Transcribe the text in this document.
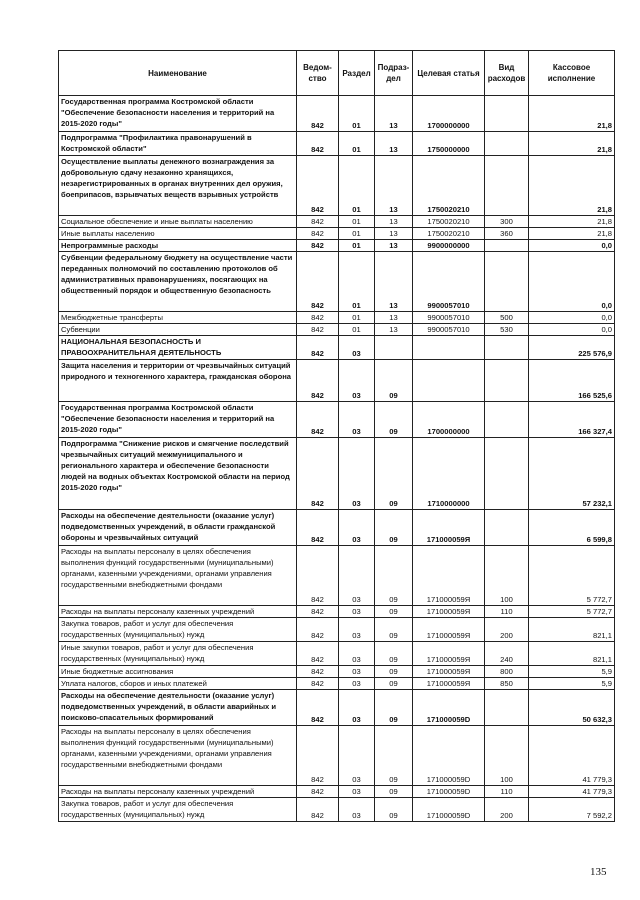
Наименование	Ведом-ство	Раздел	Подраз-дел	Целевая статья	Вид расходов	Кассовое исполнение
Государственная программа Костромской области "Обеспечение безопасности населения и территорий на 2015-2020 годы"	842	01	13	1700000000		21,8
Подпрограмма "Профилактика правонарушений в Костромской области"	842	01	13	1750000000		21,8
Осуществление выплаты денежного вознаграждения за добровольную сдачу незаконно хранящихся, незарегистрированных в органах внутренних дел оружия, боеприпасов, взрывчатых веществ взрывных устройств	842	01	13	1750020210		21,8
Социальное обеспечение и иные выплаты населению	842	01	13	1750020210	300	21,8
Иные выплаты населению	842	01	13	1750020210	360	21,8
Непрограммные расходы	842	01	13	9900000000		0,0
Субвенции федеральному бюджету на осуществление части переданных полномочий по составлению протоколов об административных правонарушениях, посягающих на общественный порядок и общественную безопасность	842	01	13	9900057010		0,0
Межбюджетные трансферты	842	01	13	9900057010	500	0,0
Субвенции	842	01	13	9900057010	530	0,0
НАЦИОНАЛЬНАЯ БЕЗОПАСНОСТЬ И ПРАВООХРАНИТЕЛЬНАЯ ДЕЯТЕЛЬНОСТЬ	842	03				225 576,9
Защита населения и территории от чрезвычайных ситуаций природного и техногенного характера, гражданская оборона	842	03	09			166 525,6
Государственная программа Костромской области "Обеспечение безопасности населения и территорий на 2015-2020 годы"	842	03	09	1700000000		166 327,4
Подпрограмма "Снижение рисков и смягчение последствий чрезвычайных ситуаций межмуниципального и регионального характера и обеспечение безопасности людей на водных объектах Костромской области на период 2015-2020 годы"	842	03	09	1710000000		57 232,1
Расходы на обеспечение деятельности (оказание услуг) подведомственных учреждений, в области гражданской обороны и чрезвычайных ситуаций	842	03	09	171000059Я		6 599,8
Расходы на выплаты персоналу в целях обеспечения выполнения функций государственными (муниципальными) органами, казенными учреждениями, органами управления государственными внебюджетными фондами	842	03	09	171000059Я	100	5 772,7
Расходы на выплаты персоналу казенных учреждений	842	03	09	171000059Я	110	5 772,7
Закупка товаров, работ и услуг для обеспечения государственных (муниципальных) нужд	842	03	09	171000059Я	200	821,1
Иные закупки товаров, работ и услуг для обеспечения государственных (муниципальных) нужд	842	03	09	171000059Я	240	821,1
Иные бюджетные ассигнования	842	03	09	171000059Я	800	5,9
Уплата налогов, сборов и иных платежей	842	03	09	171000059Я	850	5,9
Расходы на обеспечение деятельности (оказание услуг) подведомственных учреждений, в области аварийных и поисково-спасательных формирований	842	03	09	171000059D		50 632,3
Расходы на выплаты персоналу в целях обеспечения выполнения функций государственными (муниципальными) органами, казенными учреждениями, органами управления государственными внебюджетными фондами	842	03	09	171000059D	100	41 779,3
Расходы на выплаты персоналу казенных учреждений	842	03	09	171000059D	110	41 779,3
Закупка товаров, работ и услуг для обеспечения государственных (муниципальных) нужд	842	03	09	171000059D	200	7 592,2
135
